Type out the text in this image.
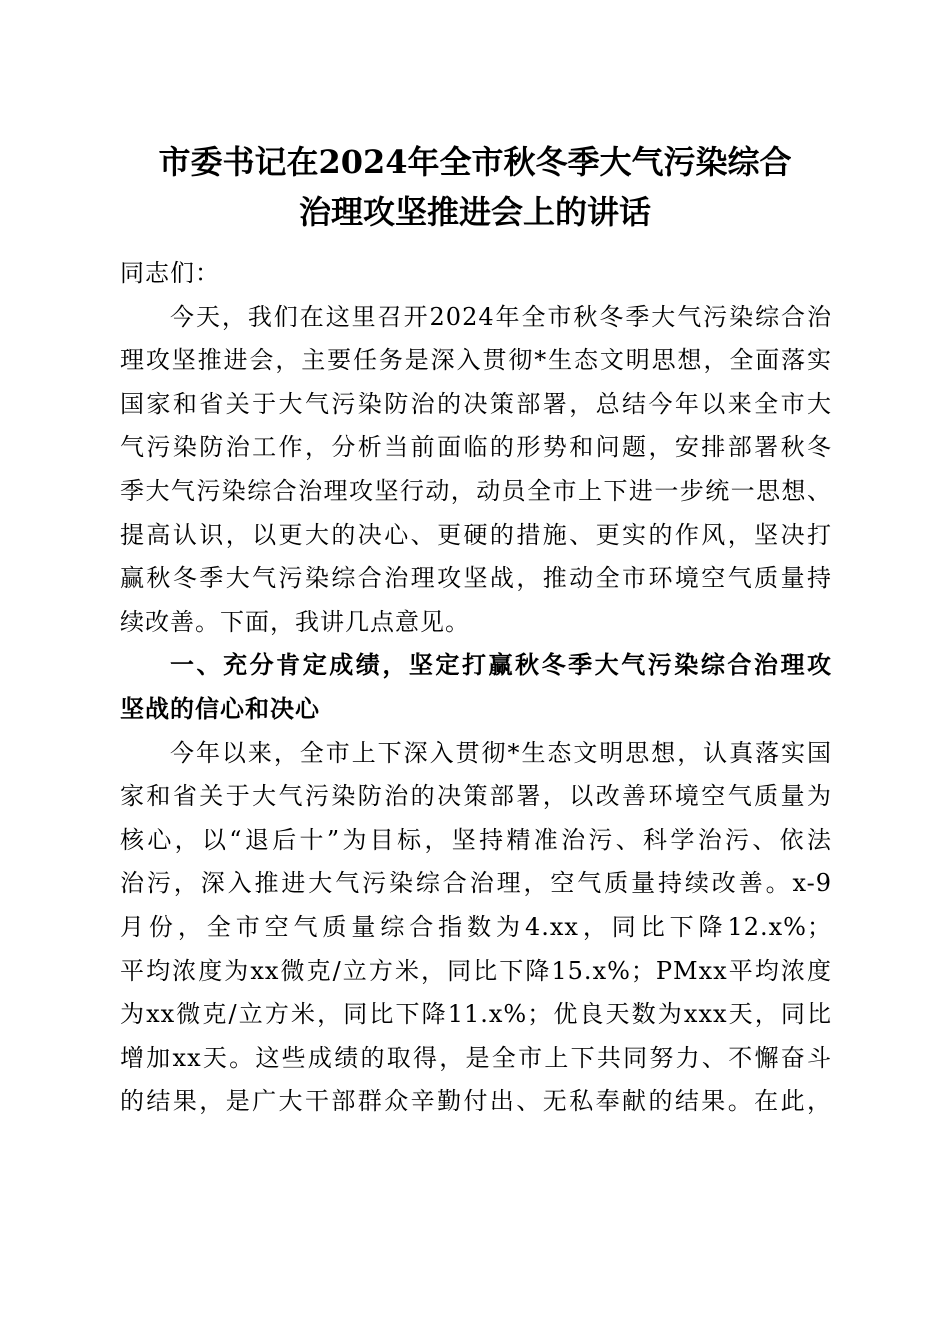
市委书记在2024年全市秋冬季大气污染综合
治理攻坚推进会上的讲话
同志们：
今天，我们在这里召开2024年全市秋冬季大气污染综合治
理攻坚推进会，主要任务是深入贯彻*生态文明思想，全面落实
国家和省关于大气污染防治的决策部署，总结今年以来全市大
气污染防治工作，分析当前面临的形势和问题，安排部署秋冬
季大气污染综合治理攻坚行动，动员全市上下进一步统一思想、
提高认识，以更大的决心、更硬的措施、更实的作风，坚决打
赢秋冬季大气污染综合治理攻坚战，推动全市环境空气质量持
续改善。下面，我讲几点意见。
一、充分肯定成绩，坚定打赢秋冬季大气污染综合治理攻
坚战的信心和决心
今年以来，全市上下深入贯彻*生态文明思想，认真落实国
家和省关于大气污染防治的决策部署，以改善环境空气质量为
核心，以“退后十”为目标，坚持精准治污、科学治污、依法
治污，深入推进大气污染综合治理，空气质量持续改善。x-9
月份，全市空气质量综合指数为4.xx，同比下降12.x%；
平均浓度为xx微克/立方米，同比下降15.x%；PMxx平均浓度
为xx微克/立方米，同比下降11.x%；优良天数为xxx天，同比
增加xx天。这些成绩的取得，是全市上下共同努力、不懈奋斗
的结果，是广大干部群众辛勤付出、无私奉献的结果。在此，
